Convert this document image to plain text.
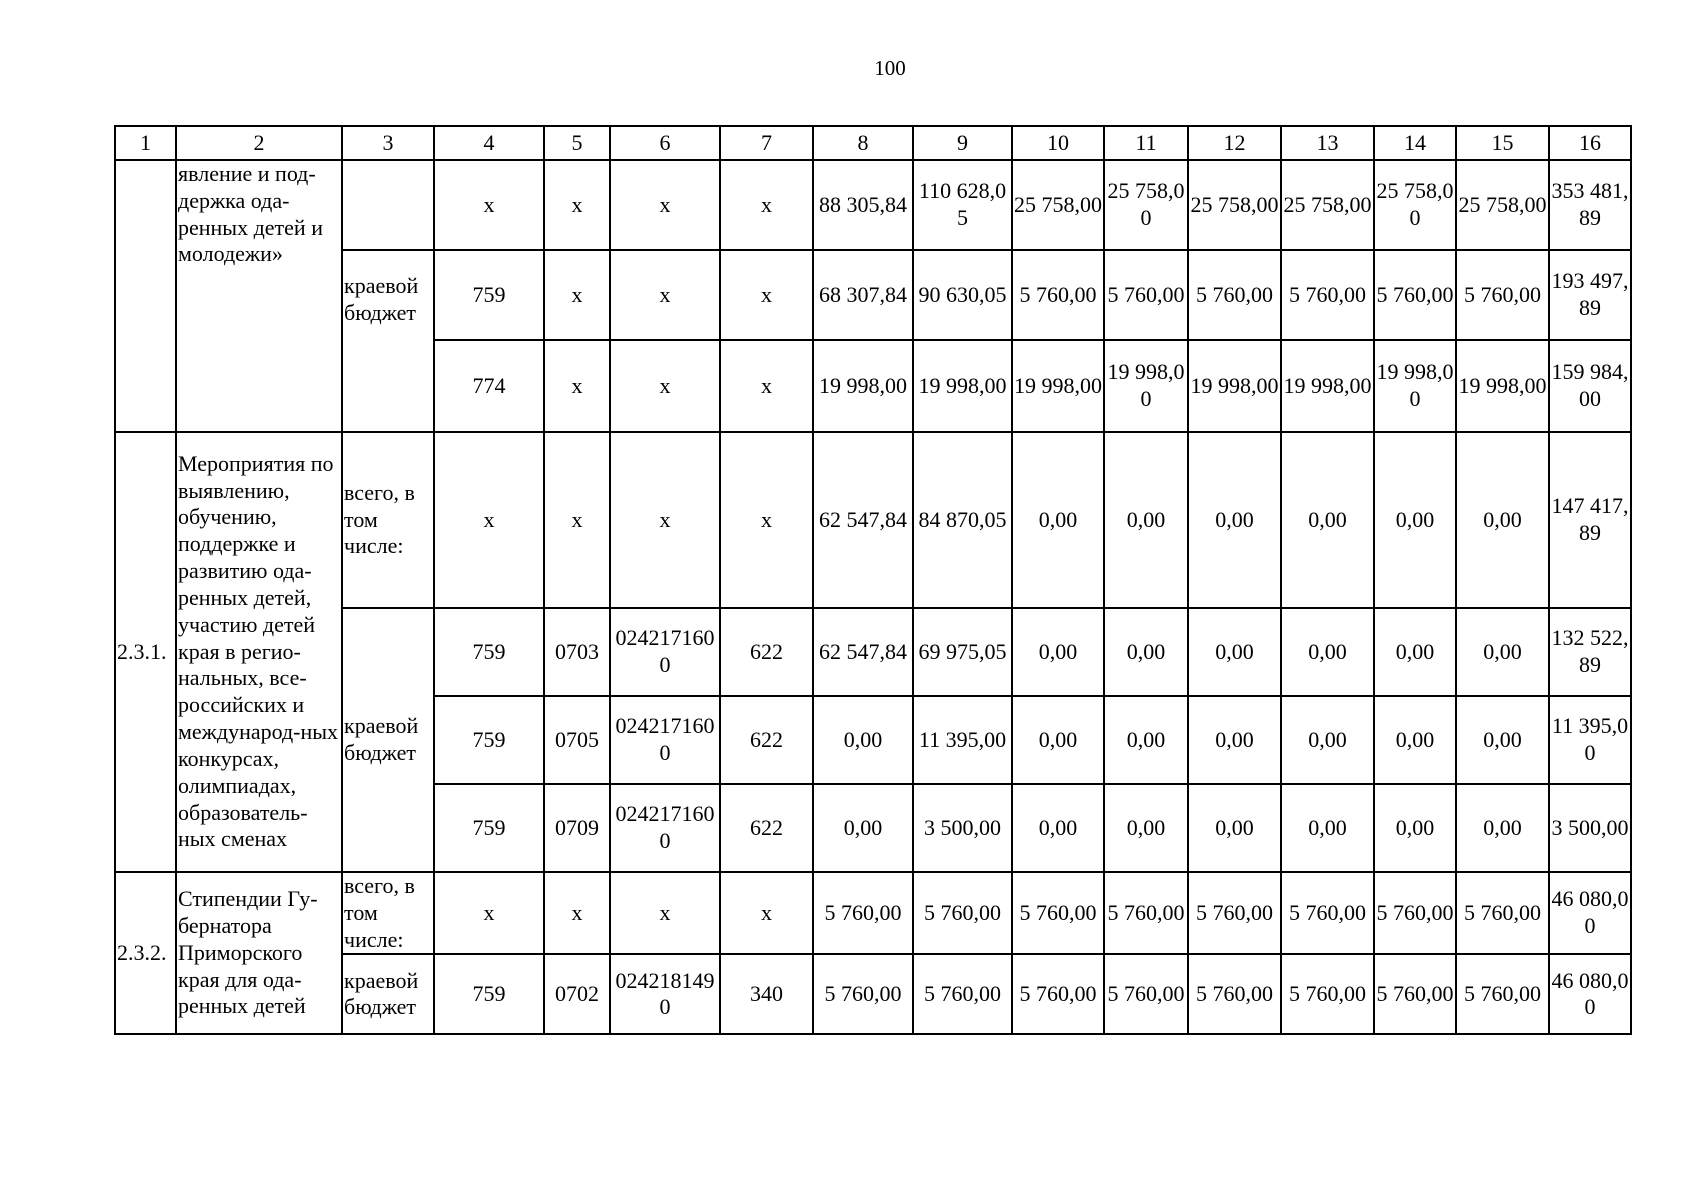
100
1	2	3	4	5	6	7	8	9	10	11	12	13	14	15	16
	явление и под-держка ода-ренных детей и молодежи»		х	х	х	х	88 305,84	110 628,05	25 758,00	25 758,00	25 758,00	25 758,00	25 758,00	25 758,00	353 481,89
		краевой бюджет	759	х	х	х	68 307,84	90 630,05	5 760,00	5 760,00	5 760,00	5 760,00	5 760,00	5 760,00	193 497,89
			774	х	х	х	19 998,00	19 998,00	19 998,00	19 998,00	19 998,00	19 998,00	19 998,00	19 998,00	159 984,00
2.3.1.	Мероприятия по выявлению, обучению, поддержке и развитию ода-ренных детей, участию детей края в регио-нальных, все-российских и международ-ных конкурсах, олимпиадах, образователь-ных сменах	всего, в том числе:	х	х	х	х	62 547,84	84 870,05	0,00	0,00	0,00	0,00	0,00	0,00	147 417,89
		краевой бюджет	759	0703	0242171600	622	62 547,84	69 975,05	0,00	0,00	0,00	0,00	0,00	0,00	132 522,89
			759	0705	0242171600	622	0,00	11 395,00	0,00	0,00	0,00	0,00	0,00	0,00	11 395,00
			759	0709	0242171600	622	0,00	3 500,00	0,00	0,00	0,00	0,00	0,00	0,00	3 500,00
2.3.2.	Стипендии Гу-бернатора Приморского края для ода-ренных детей	всего, в том числе:	х	х	х	х	5 760,00	5 760,00	5 760,00	5 760,00	5 760,00	5 760,00	5 760,00	5 760,00	46 080,00
		краевой бюджет	759	0702	0242181490	340	5 760,00	5 760,00	5 760,00	5 760,00	5 760,00	5 760,00	5 760,00	5 760,00	46 080,00
